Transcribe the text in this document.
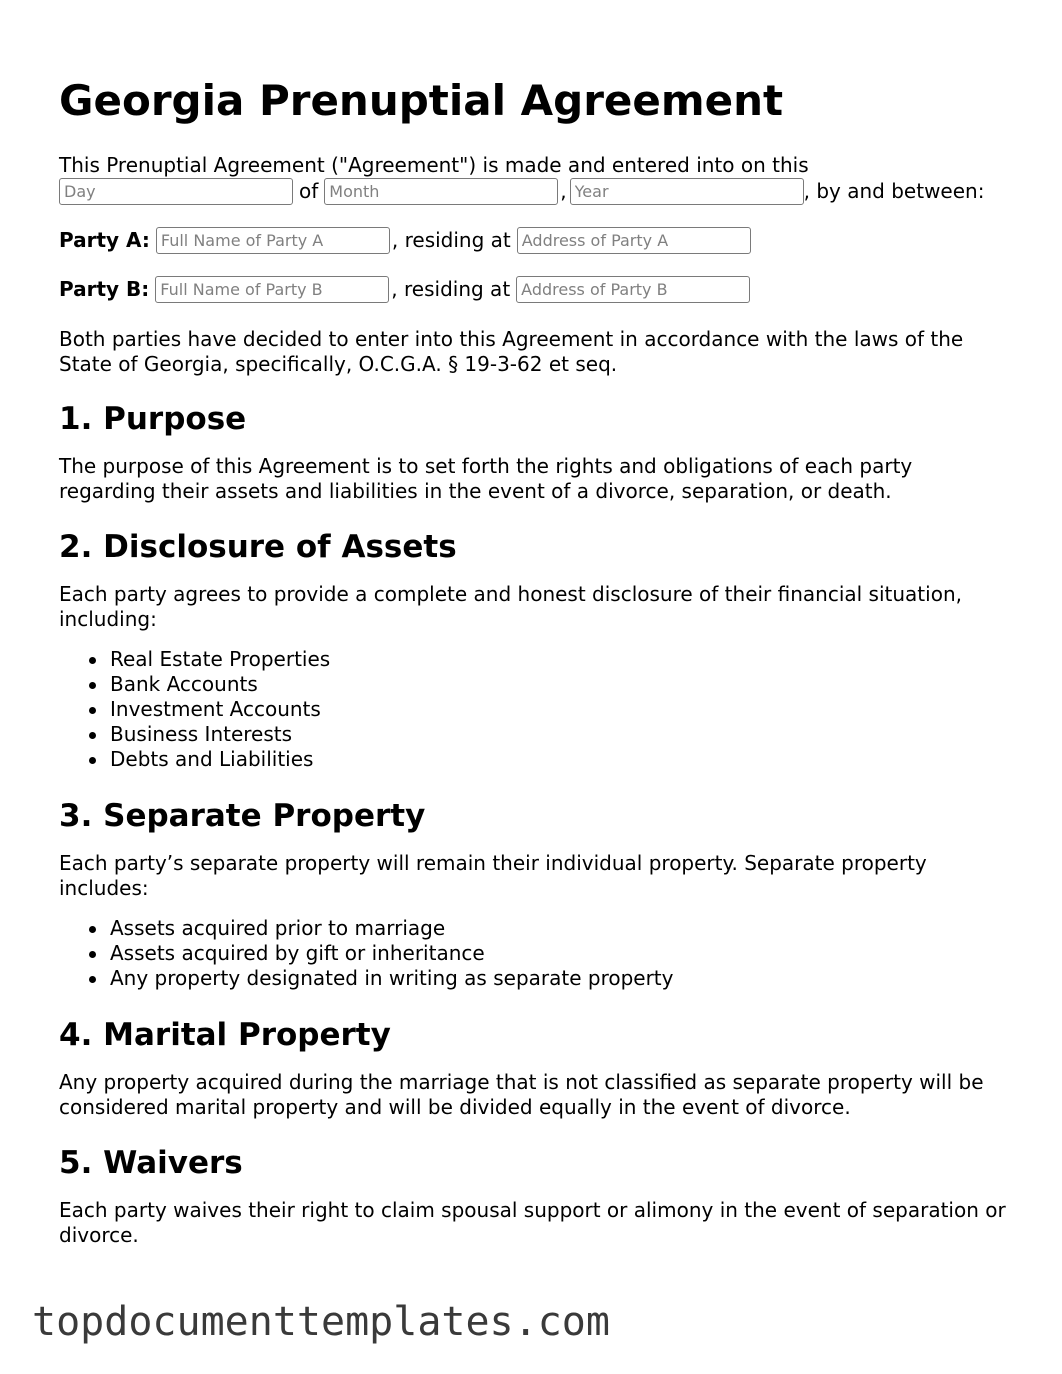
Georgia Prenuptial Agreement

This Prenuptial Agreement ("Agreement") is made and entered into on this

Day
of
Month	,
Year	, by and between:
Party A:
Full Name of Party A	, residing at
Address of Party A
Party B:
Full Name of Party B	, residing at
Address of Party B

Both parties have decided to enter into this Agreement in accordance with the laws of the State of Georgia, specifically, O.C.G.A. § 19-3-62 et seq.

1. Purpose

The purpose of this Agreement is to set forth the rights and obligations of each party regarding their assets and liabilities in the event of a divorce, separation, or death.

2. Disclosure of Assets

Each party agrees to provide a complete and honest disclosure of their financial situation, including:

Real Estate Properties
Bank Accounts
Investment Accounts
Business Interests
Debts and Liabilities
3. Separate Property

Each party’s separate property will remain their individual property. Separate property includes:

Assets acquired prior to marriage
Assets acquired by gift or inheritance
Any property designated in writing as separate property
4. Marital Property

Any property acquired during the marriage that is not classified as separate property will be considered marital property and will be divided equally in the event of divorce.

5. Waivers

Each party waives their right to claim spousal support or alimony in the event of separation or divorce.

topdocumenttemplates.com
